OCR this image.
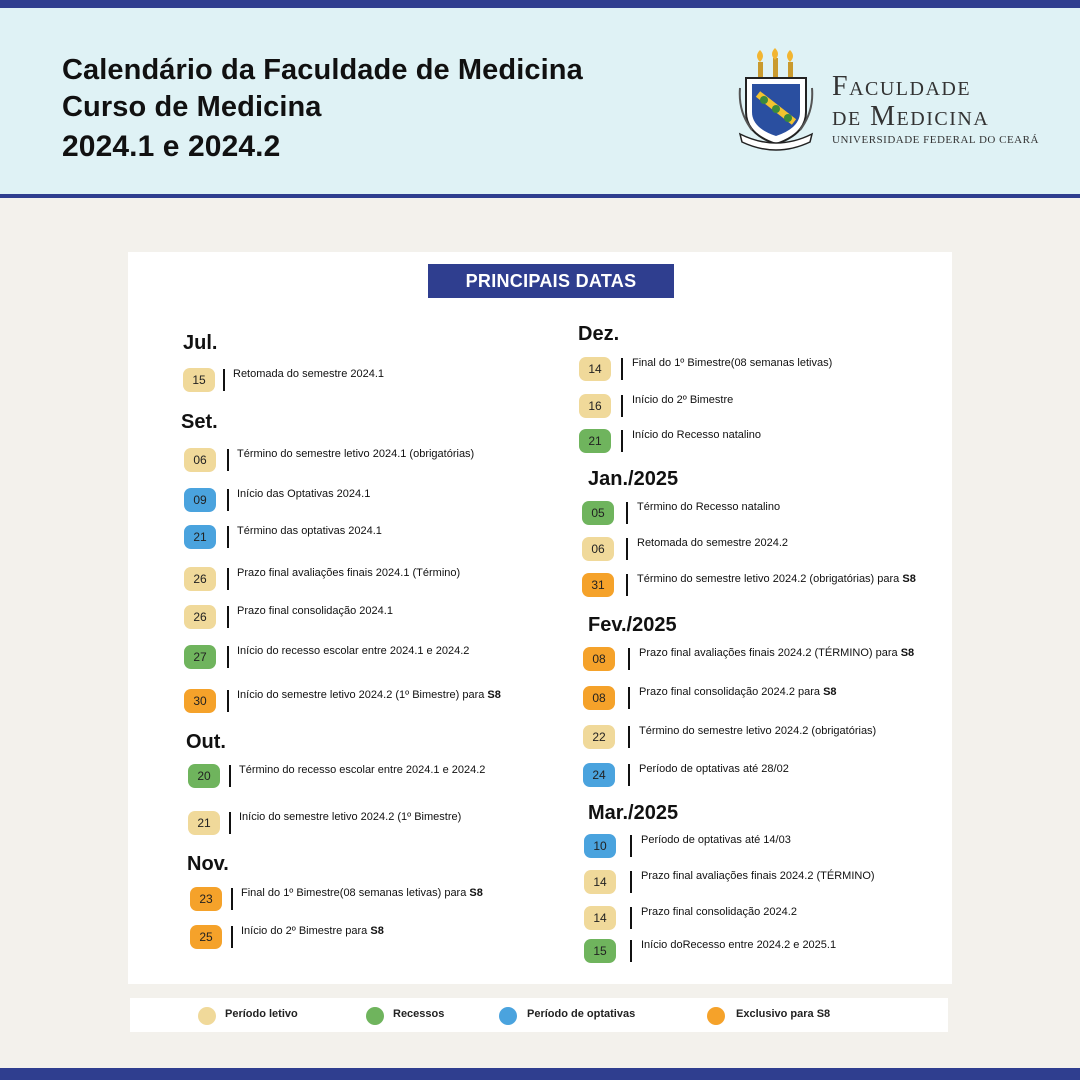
Calendário da Faculdade de Medicina
Curso de Medicina
2024.1 e 2024.2
Faculdade
de Medicina
UNIVERSIDADE FEDERAL DO CEARÁ
PRINCIPAIS DATAS
Jul.
15	Retomada do semestre 2024.1
Set.
06	Término do semestre letivo 2024.1 (obrigatórias)
09	Início das Optativas 2024.1
21	Término das optativas 2024.1
26	Prazo final avaliações finais 2024.1 (Término)
26	Prazo final consolidação 2024.1
27	Início do recesso escolar entre 2024.1 e 2024.2
30	Início do semestre letivo 2024.2 (1º Bimestre) para S8
Out.
20	Término do recesso escolar entre 2024.1 e 2024.2
21	Início do semestre letivo 2024.2 (1º Bimestre)
Nov.
23	Final do 1º Bimestre(08 semanas letivas) para S8
25	Início do 2º Bimestre para S8
Dez.
14	Final do 1º Bimestre(08 semanas letivas)
16	Início do 2º Bimestre
21	Início do Recesso natalino
Jan./2025
05	Término do Recesso natalino
06	Retomada do semestre 2024.2
31	Término do semestre letivo 2024.2 (obrigatórias) para S8
Fev./2025
08	Prazo final avaliações finais 2024.2 (TÉRMINO) para S8
08	Prazo final consolidação 2024.2 para S8
22	Término do semestre letivo 2024.2 (obrigatórias)
24	Período de optativas até 28/02
Mar./2025
10	Período de optativas até 14/03
14	Prazo final avaliações finais 2024.2 (TÉRMINO)
14	Prazo final consolidação 2024.2
15	Início doRecesso entre 2024.2 e 2025.1
Período letivo	Recessos	Período de optativas	Exclusivo para S8
